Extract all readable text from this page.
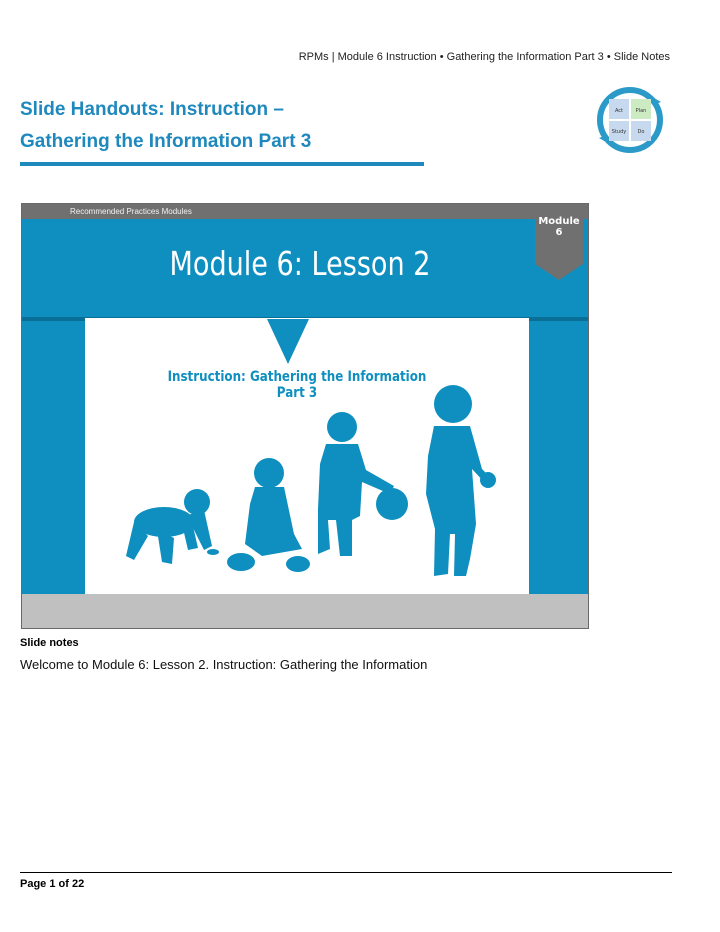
RPMs | Module 6 Instruction • Gathering the Information Part 3 • Slide Notes
Slide Handouts: Instruction –
Gathering the Information Part 3
Act	Plan
Study Do
Recommended Practices Modules
Module
6
Module 6: Lesson 2
Instruction: Gathering the Information
Part 3
Slide notes
Welcome to Module 6: Lesson 2. Instruction: Gathering the Information
Page 1 of 22
